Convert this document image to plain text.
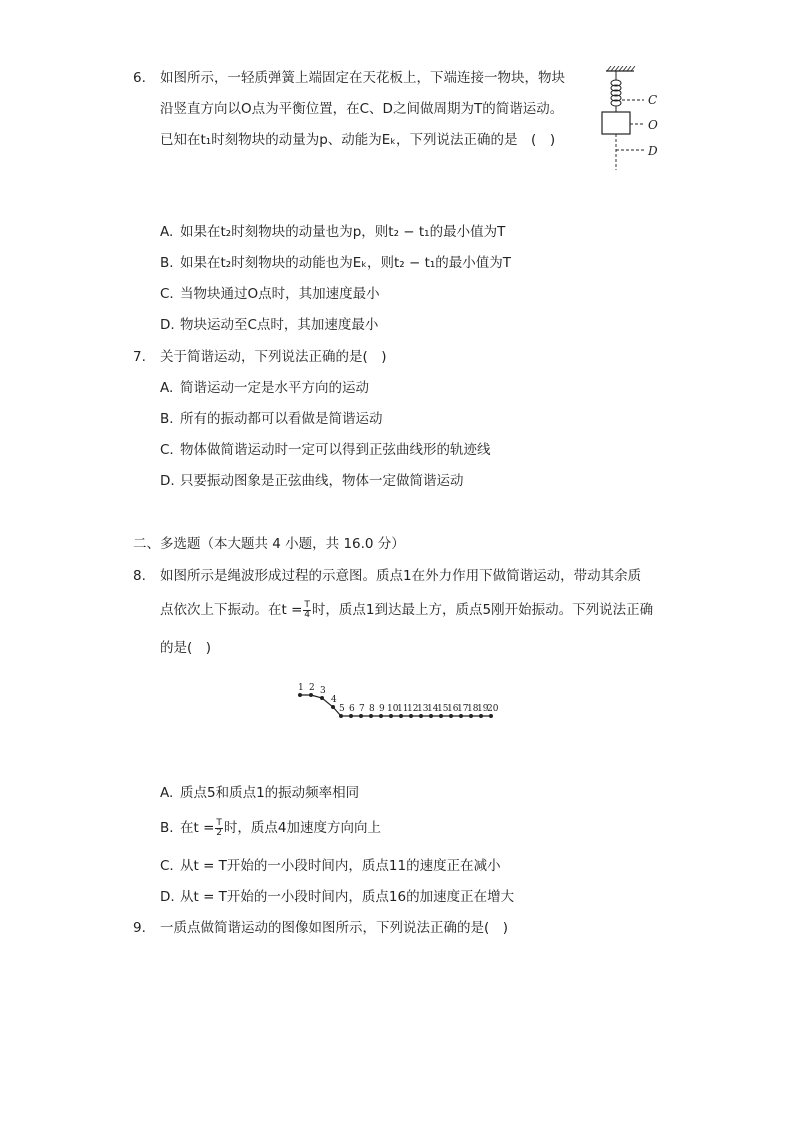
6. 如图所示，一轻质弹簧上端固定在天花板上，下端连接一物块，物块
沿竖直方向以O点为平衡位置，在C、D之间做周期为T的简谐运动。
已知在t₁时刻物块的动量为p、动能为Eₖ，下列说法正确的是　(　)
C
O
D
A. 如果在t₂时刻物块的动量也为p，则t₂ − t₁的最小值为T
B. 如果在t₂时刻物块的动能也为Eₖ，则t₂ − t₁的最小值为T
C. 当物块通过O点时，其加速度最小
D. 物块运动至C点时，其加速度最小
7. 关于简谐运动，下列说法正确的是(　)
A. 简谐运动一定是水平方向的运动
B. 所有的振动都可以看做是简谐运动
C. 物体做简谐运动时一定可以得到正弦曲线形的轨迹线
D. 只要振动图象是正弦曲线，物体一定做简谐运动
二、多选题（本大题共 4 小题，共 16.0 分）
8. 如图所示是绳波形成过程的示意图。质点1在外力作用下做简谐运动，带动其余质
点依次上下振动。在$t = \frac{T}{4}$ 时，质点1到达最上方，质点5刚开始振动。下列说法正确
的是(　)
1 2 3
4
5 6 7 8 9 10
11
12
13
14
15
16
17
18
19
20
A. 质点5和质点1的振动频率相同
B. 在$t = \frac{T}{2}$ 时，质点4加速度方向向上
C. 从t = T开始的一小段时间内，质点11的速度正在减小
D. 从t = T开始的一小段时间内，质点16的加速度正在增大
9. 一质点做简谐运动的图像如图所示，下列说法正确的是(　)
